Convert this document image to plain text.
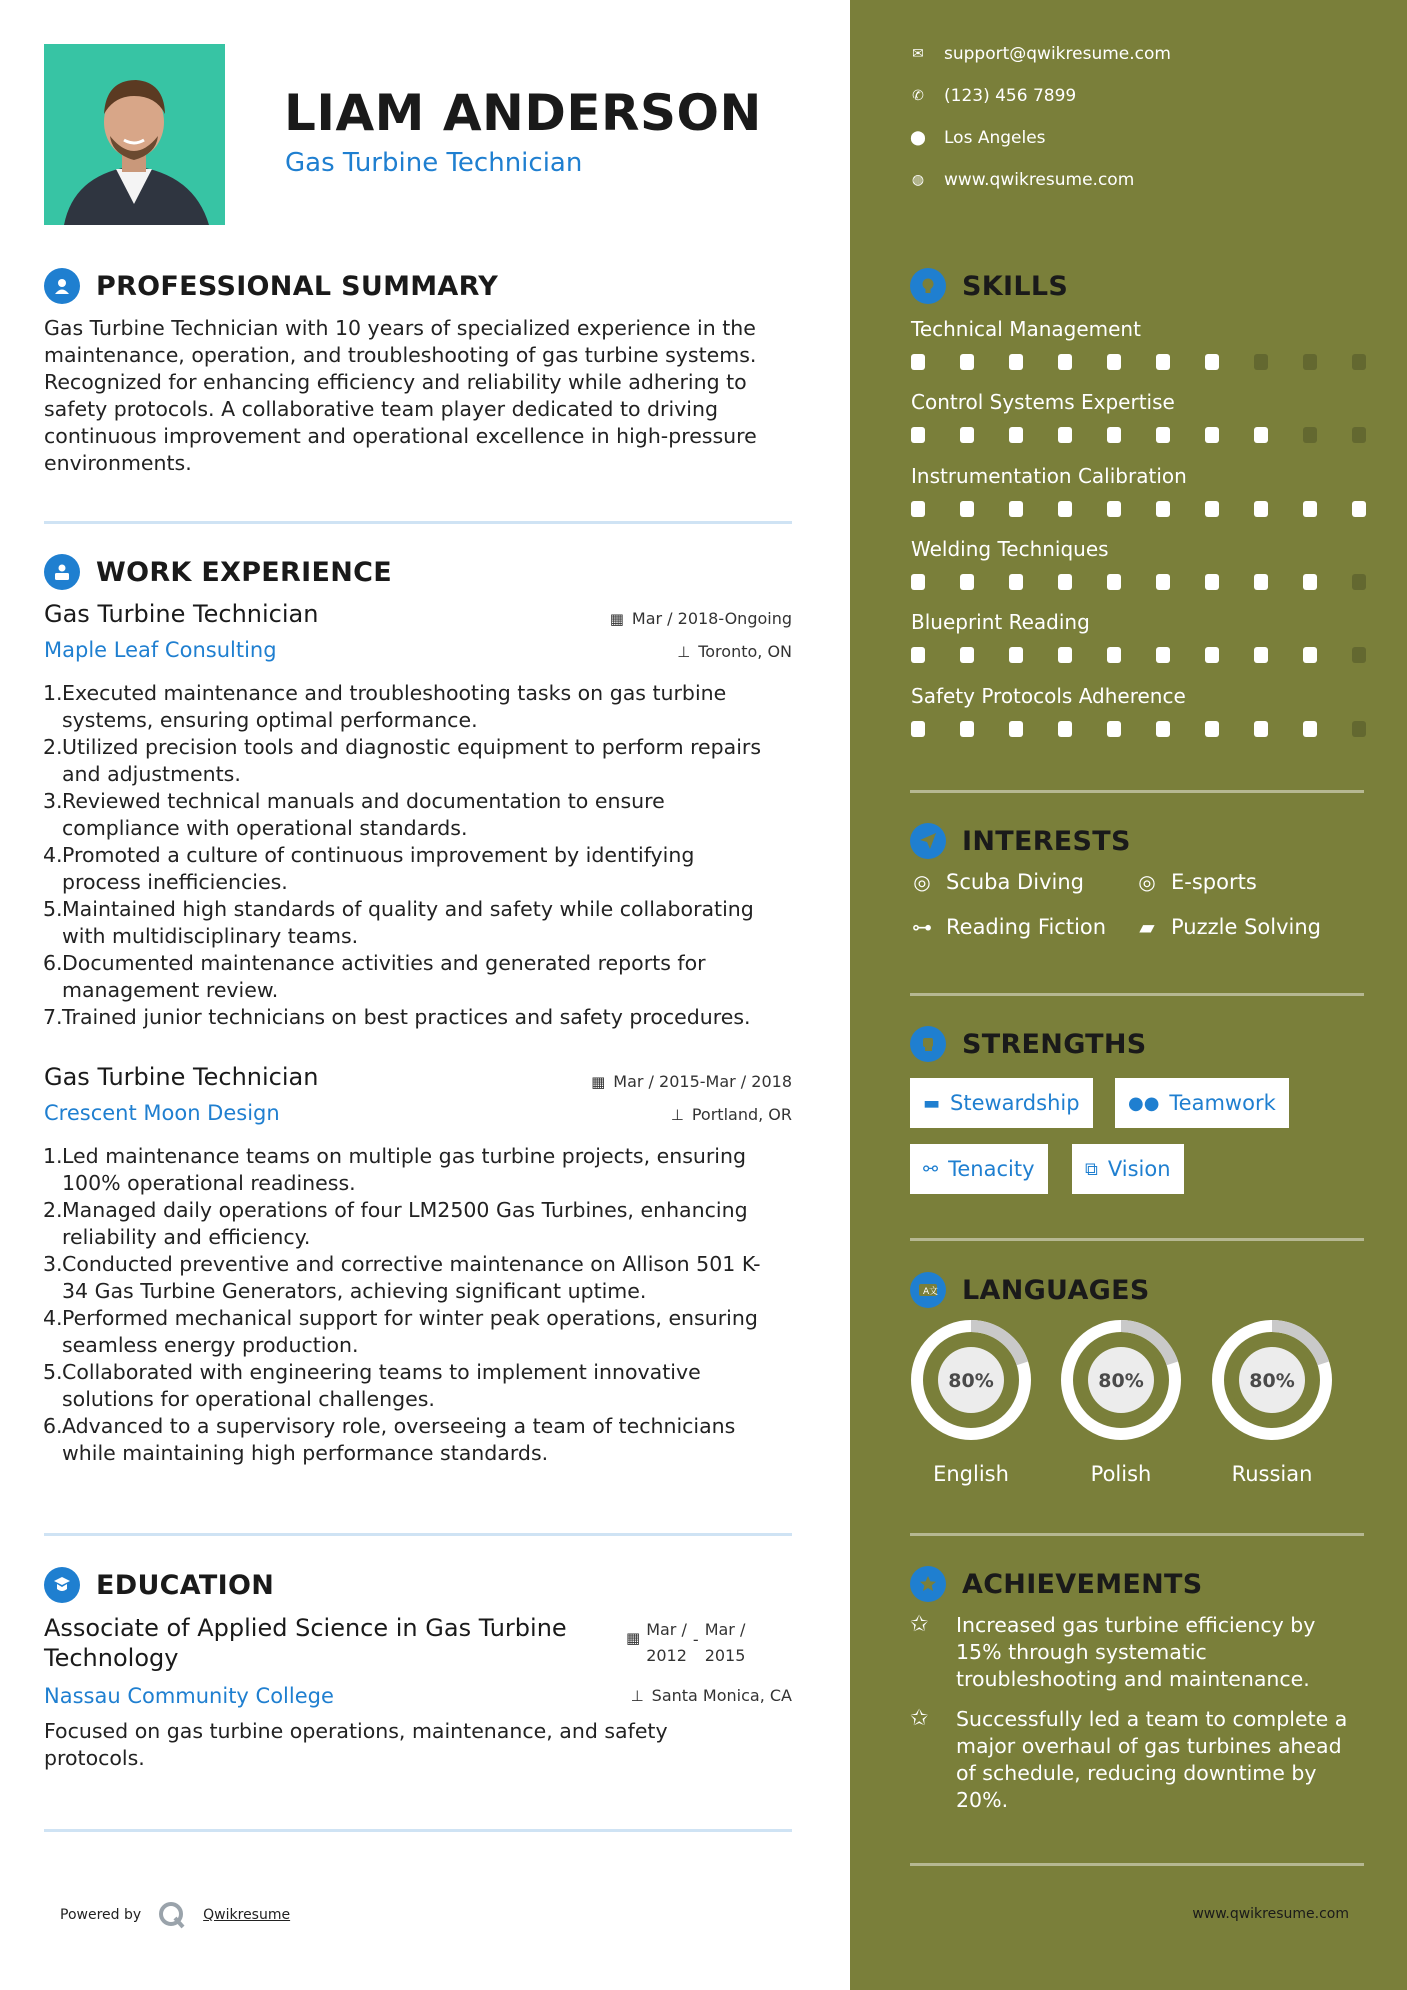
LIAM ANDERSON
Gas Turbine Technician
PROFESSIONAL SUMMARY
Gas Turbine Technician with 10 years of specialized experience in the
maintenance, operation, and troubleshooting of gas turbine systems.
Recognized for enhancing efficiency and reliability while adhering to
safety protocols. A collaborative team player dedicated to driving
continuous improvement and operational excellence in high-pressure
environments.
WORK EXPERIENCE
Gas Turbine Technician	▦ Mar / 2018-Ongoing
Maple Leaf Consulting	⊥ Toronto, ON
1. Executed maintenance and troubleshooting tasks on gas turbine
systems, ensuring optimal performance.
2. Utilized precision tools and diagnostic equipment to perform repairs
and adjustments.
3. Reviewed technical manuals and documentation to ensure
compliance with operational standards.
4. Promoted a culture of continuous improvement by identifying
process inefficiencies.
5. Maintained high standards of quality and safety while collaborating
with multidisciplinary teams.
6. Documented maintenance activities and generated reports for
management review.
7. Trained junior technicians on best practices and safety procedures.
Gas Turbine Technician	▦ Mar / 2015-Mar / 2018
Crescent Moon Design	⊥ Portland, OR
1. Led maintenance teams on multiple gas turbine projects, ensuring
100% operational readiness.
2. Managed daily operations of four LM2500 Gas Turbines, enhancing
reliability and efficiency.
3. Conducted preventive and corrective maintenance on Allison 501 K-
34 Gas Turbine Generators, achieving significant uptime.
4. Performed mechanical support for winter peak operations, ensuring
seamless energy production.
5. Collaborated with engineering teams to implement innovative
solutions for operational challenges.
6. Advanced to a supervisory role, overseeing a team of technicians
while maintaining high performance standards.
EDUCATION
Associate of Applied Science in Gas Turbine
Technology
▦ Mar /
2012
-
Mar /
2015
Nassau Community College	⊥ Santa Monica, CA
Focused on gas turbine operations, maintenance, and safety
protocols.
Powered by	Qwikresume
✉ support@qwikresume.com
✆ (123) 456 7899
⬤ Los Angeles
◍ www.qwikresume.com
SKILLS
Technical Management
Control Systems Expertise
Instrumentation Calibration
Welding Techniques
Blueprint Reading
Safety Protocols Adherence
INTERESTS
◎ Scuba Diving	◎ E-sports
⊶ Reading Fiction ▰ Puzzle Solving
STRENGTHS
▬ Stewardship	●● Teamwork
⚯ Tenacity	⧉ Vision
A 文 LANGUAGES
80%
English
80%
Polish
80%
Russian
ACHIEVEMENTS
✩	Increased gas turbine efficiency by
15% through systematic
troubleshooting and maintenance.
✩	Successfully led a team to complete a
major overhaul of gas turbines ahead
of schedule, reducing downtime by
20%.
www.qwikresume.com
